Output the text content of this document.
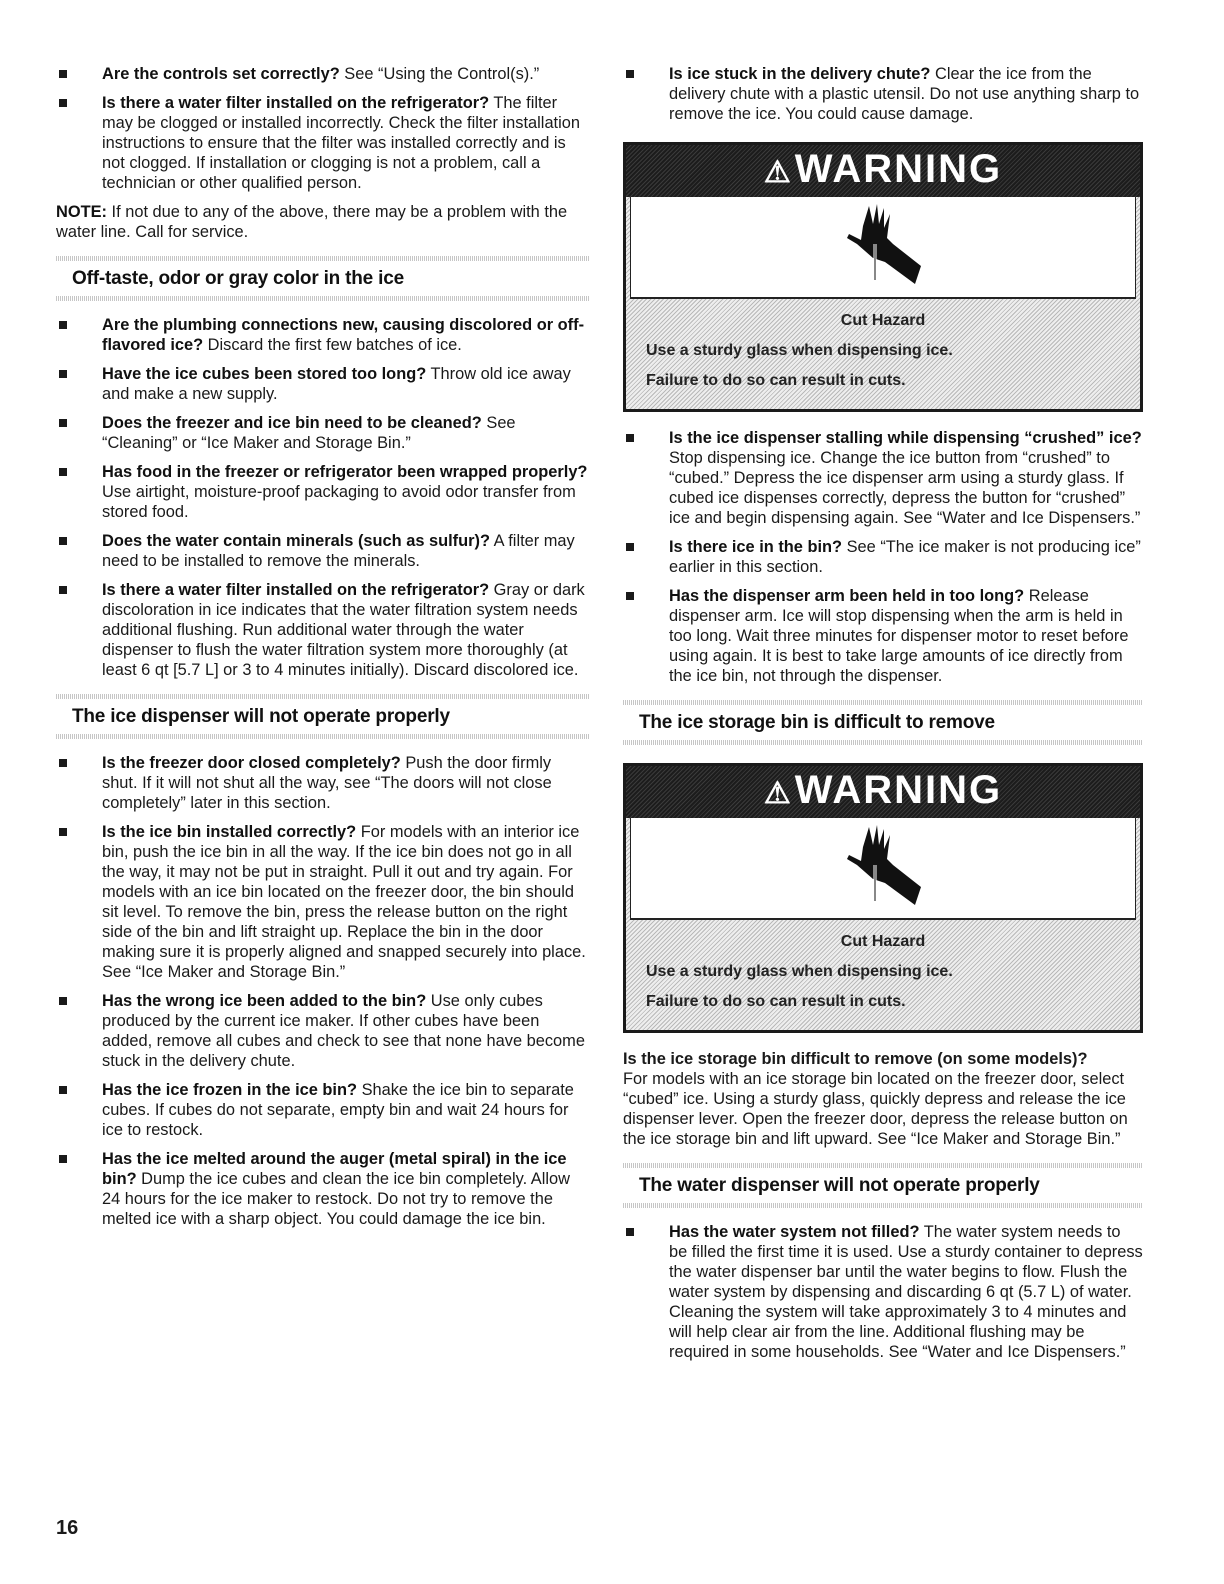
Are the controls set correctly? See “Using the Control(s).”
Is there a water filter installed on the refrigerator? The filter may be clogged or installed incorrectly. Check the filter installation instructions to ensure that the filter was installed correctly and is not clogged. If installation or clogging is not a problem, call a technician or other qualified person.

NOTE: If not due to any of the above, there may be a problem with the water line. Call for service.

Off-taste, odor or gray color in the ice
Are the plumbing connections new, causing discolored or off-flavored ice? Discard the first few batches of ice.
Have the ice cubes been stored too long? Throw old ice away and make a new supply.
Does the freezer and ice bin need to be cleaned? See “Cleaning” or “Ice Maker and Storage Bin.”
Has food in the freezer or refrigerator been wrapped properly? Use airtight, moisture-proof packaging to avoid odor transfer from stored food.
Does the water contain minerals (such as sulfur)? A filter may need to be installed to remove the minerals.
Is there a water filter installed on the refrigerator? Gray or dark discoloration in ice indicates that the water filtration system needs additional flushing. Run additional water through the water dispenser to flush the water filtration system more thoroughly (at least 6 qt [5.7 L] or 3 to 4 minutes initially). Discard discolored ice.
The ice dispenser will not operate properly
Is the freezer door closed completely? Push the door firmly shut. If it will not shut all the way, see “The doors will not close completely” later in this section.
Is the ice bin installed correctly? For models with an interior ice bin, push the ice bin in all the way. If the ice bin does not go in all the way, it may not be put in straight. Pull it out and try again. For models with an ice bin located on the freezer door, the bin should sit level. To remove the bin, press the release button on the right side of the bin and lift straight up. Replace the bin in the door making sure it is properly aligned and snapped securely into place. See “Ice Maker and Storage Bin.”
Has the wrong ice been added to the bin? Use only cubes produced by the current ice maker. If other cubes have been added, remove all cubes and check to see that none have become stuck in the delivery chute.
Has the ice frozen in the ice bin? Shake the ice bin to separate cubes. If cubes do not separate, empty bin and wait 24 hours for ice to restock.
Has the ice melted around the auger (metal spiral) in the ice bin? Dump the ice cubes and clean the ice bin completely. Allow 24 hours for the ice maker to restock. Do not try to remove the melted ice with a sharp object. You could damage the ice bin.
Is ice stuck in the delivery chute? Clear the ice from the delivery chute with a plastic utensil. Do not use anything sharp to remove the ice. You could cause damage.
⚠WARNING
Cut Hazard
Use a sturdy glass when dispensing ice.
Failure to do so can result in cuts.
Is the ice dispenser stalling while dispensing “crushed” ice? Stop dispensing ice. Change the ice button from “crushed” to “cubed.” Depress the ice dispenser arm using a sturdy glass. If cubed ice dispenses correctly, depress the button for “crushed” ice and begin dispensing again. See “Water and Ice Dispensers.”
Is there ice in the bin? See “The ice maker is not producing ice” earlier in this section.
Has the dispenser arm been held in too long? Release dispenser arm. Ice will stop dispensing when the arm is held in too long. Wait three minutes for dispenser motor to reset before using again. It is best to take large amounts of ice directly from the ice bin, not through the dispenser.
The ice storage bin is difficult to remove
⚠WARNING
Cut Hazard
Use a sturdy glass when dispensing ice.
Failure to do so can result in cuts.

Is the ice storage bin difficult to remove (on some models)?

For models with an ice storage bin located on the freezer door, select “cubed” ice. Using a sturdy glass, quickly depress and release the ice dispenser lever. Open the freezer door, depress the release button on the ice storage bin and lift upward. See “Ice Maker and Storage Bin.”

The water dispenser will not operate properly
Has the water system not filled? The water system needs to be filled the first time it is used. Use a sturdy container to depress the water dispenser bar until the water begins to flow. Flush the water system by dispensing and discarding 6 qt (5.7 L) of water. Cleaning the system will take approximately 3 to 4 minutes and will help clear air from the line. Additional flushing may be required in some households. See “Water and Ice Dispensers.”
16
